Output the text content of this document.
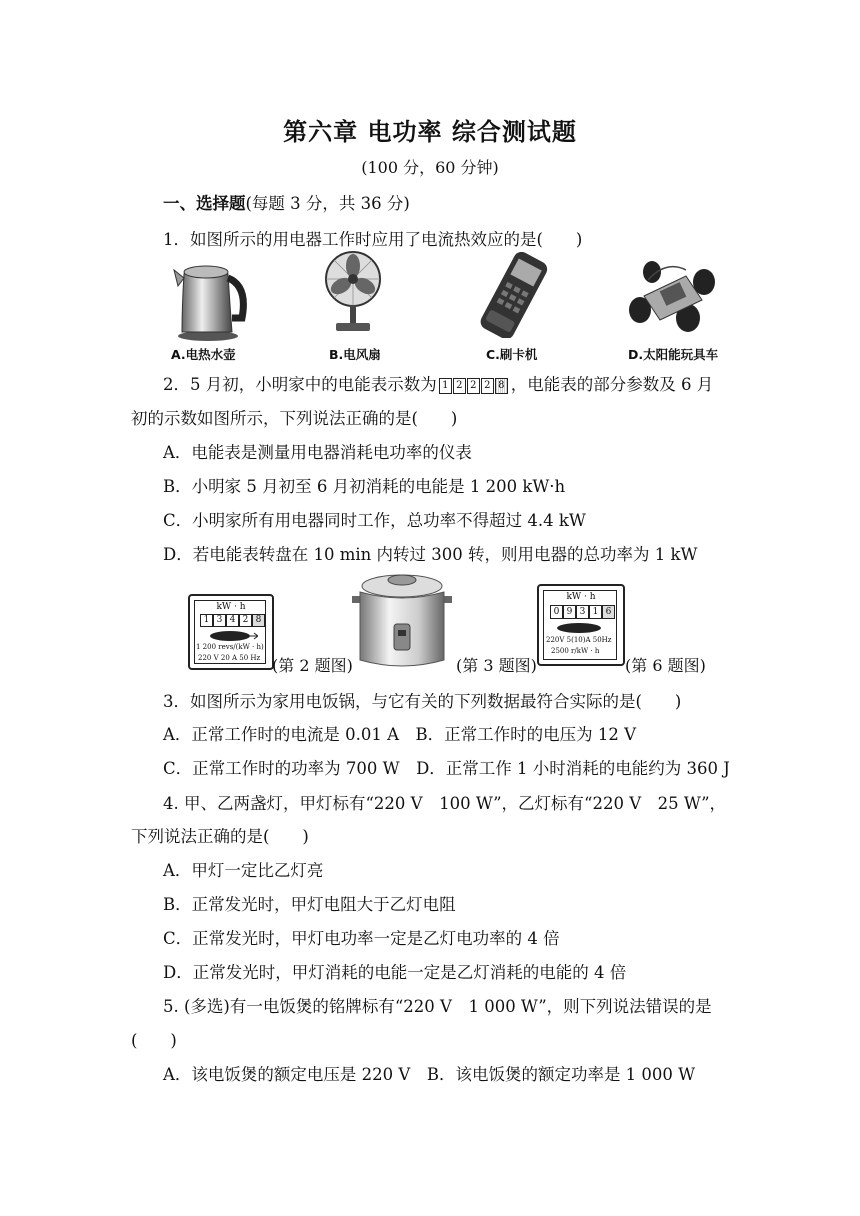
第六章 电功率 综合测试题
(100 分，60 分钟)
一、选择题(每题 3 分，共 36 分)
1．如图所示的用电器工作时应用了电流热效应的是(　　)
A.电热水壶	B.电风扇	C.刷卡机	D.太阳能玩具车
2．5 月初，小明家中的电能表示数为 1 2 2 2 8 ，电能表的部分参数及 6 月
初的示数如图所示，下列说法正确的是(　　)
A．电能表是测量用电器消耗电功率的仪表
B．小明家 5 月初至 6 月初消耗的电能是 1 200 kW·h
C．小明家所有用电器同时工作，总功率不得超过 4.4 kW
D．若电能表转盘在 10 min 内转过 300 转，则用电器的总功率为 1 kW
kW · h
1 3 4 2 8
1 200 revs/(kW · h)
220 V 20 A 50 Hz (第 2 题图)	(第 3 题图)
kW · h
0 9 3 1 6
220V 5(10)A 50Hz
2500 r/kW · h
(第 6 题图)
3．如图所示为家用电饭锅，与它有关的下列数据最符合实际的是(　　)
A．正常工作时的电流是 0.01 A　B．正常工作时的电压为 12 V
C．正常工作时的功率为 700 W　D．正常工作 1 小时消耗的电能约为 360 J
4. 甲、乙两盏灯，甲灯标有“220 V　100 W”，乙灯标有“220 V　25 W”，
下列说法正确的是(　　)
A．甲灯一定比乙灯亮
B．正常发光时，甲灯电阻大于乙灯电阻
C．正常发光时，甲灯电功率一定是乙灯电功率的 4 倍
D．正常发光时，甲灯消耗的电能一定是乙灯消耗的电能的 4 倍
5. (多选)有一电饭煲的铭牌标有“220 V　1 000 W”，则下列说法错误的是
(　　)
A．该电饭煲的额定电压是 220 V　B．该电饭煲的额定功率是 1 000 W
